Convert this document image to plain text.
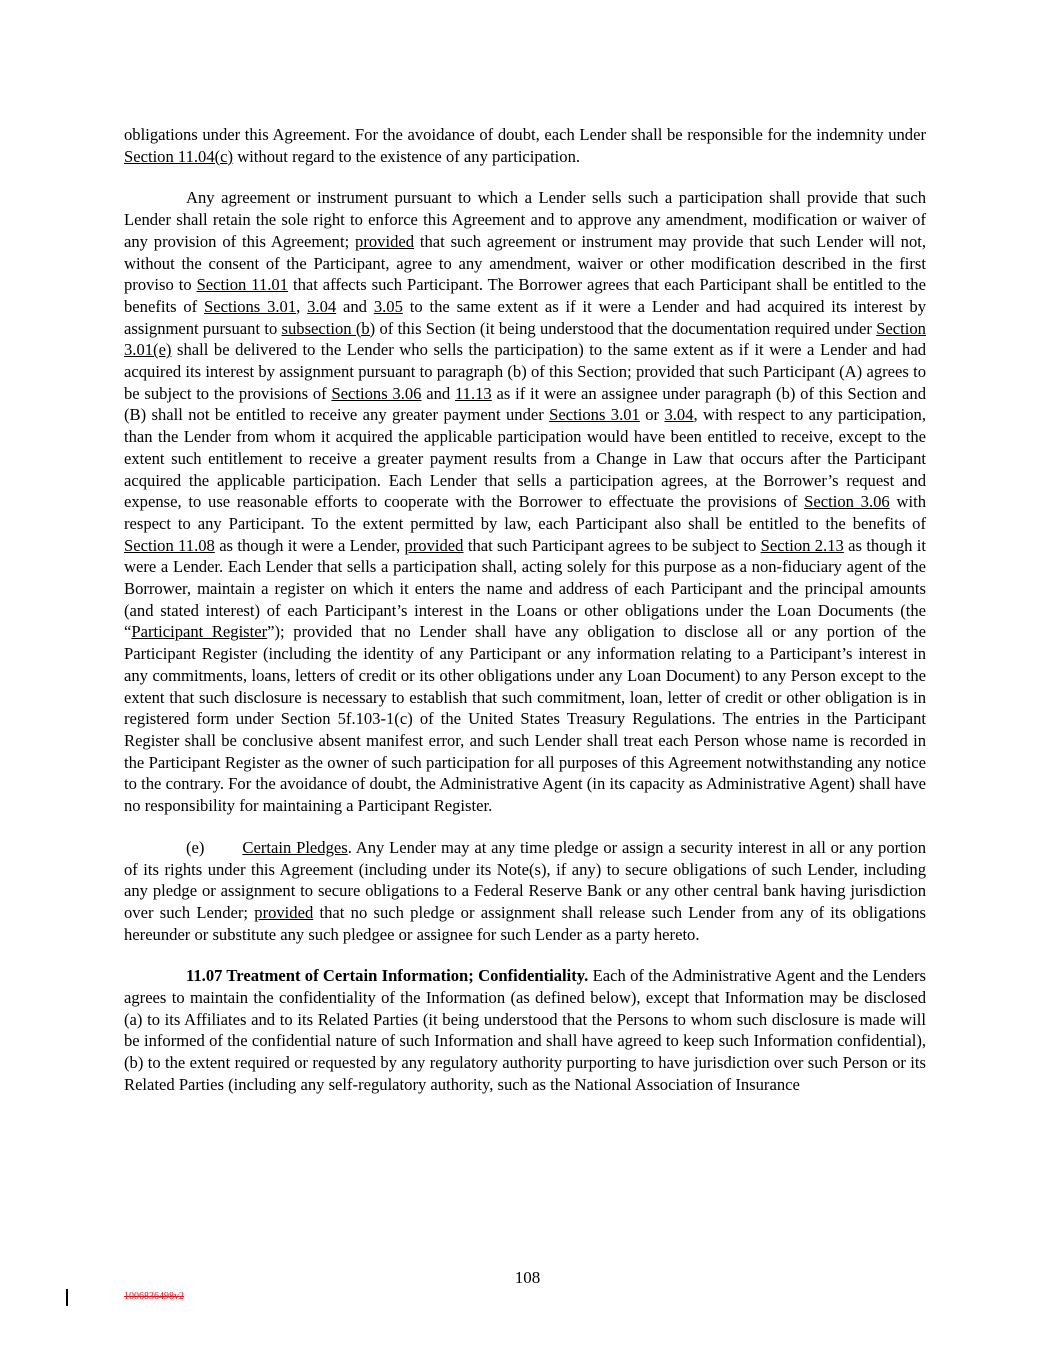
obligations under this Agreement. For the avoidance of doubt, each Lender shall be responsible for the indemnity under Section 11.04(c) without regard to the existence of any participation.

Any agreement or instrument pursuant to which a Lender sells such a participation shall provide that such Lender shall retain the sole right to enforce this Agreement and to approve any amendment, modification or waiver of any provision of this Agreement; provided that such agreement or instrument may provide that such Lender will not, without the consent of the Participant, agree to any amendment, waiver or other modification described in the first proviso to Section 11.01 that affects such Participant. The Borrower agrees that each Participant shall be entitled to the benefits of Sections 3.01, 3.04 and 3.05 to the same extent as if it were a Lender and had acquired its interest by assignment pursuant to subsection (b) of this Section (it being understood that the documentation required under Section 3.01(e) shall be delivered to the Lender who sells the participation) to the same extent as if it were a Lender and had acquired its interest by assignment pursuant to paragraph (b) of this Section; provided that such Participant (A) agrees to be subject to the provisions of Sections 3.06 and 11.13 as if it were an assignee under paragraph (b) of this Section and (B) shall not be entitled to receive any greater payment under Sections 3.01 or 3.04, with respect to any participation, than the Lender from whom it acquired the applicable participation would have been entitled to receive, except to the extent such entitlement to receive a greater payment results from a Change in Law that occurs after the Participant acquired the applicable participation. Each Lender that sells a participation agrees, at the Borrower’s request and expense, to use reasonable efforts to cooperate with the Borrower to effectuate the provisions of Section 3.06 with respect to any Participant. To the extent permitted by law, each Participant also shall be entitled to the benefits of Section 11.08 as though it were a Lender, provided that such Participant agrees to be subject to Section 2.13 as though it were a Lender. Each Lender that sells a participation shall, acting solely for this purpose as a non-fiduciary agent of the Borrower, maintain a register on which it enters the name and address of each Participant and the principal amounts (and stated interest) of each Participant’s interest in the Loans or other obligations under the Loan Documents (the “Participant Register”); provided that no Lender shall have any obligation to disclose all or any portion of the Participant Register (including the identity of any Participant or any information relating to a Participant’s interest in any commitments, loans, letters of credit or its other obligations under any Loan Document) to any Person except to the extent that such disclosure is necessary to establish that such commitment, loan, letter of credit or other obligation is in registered form under Section 5f.103-1(c) of the United States Treasury Regulations. The entries in the Participant Register shall be conclusive absent manifest error, and such Lender shall treat each Person whose name is recorded in the Participant Register as the owner of such participation for all purposes of this Agreement notwithstanding any notice to the contrary. For the avoidance of doubt, the Administrative Agent (in its capacity as Administrative Agent) shall have no responsibility for maintaining a Participant Register.

(e) Certain Pledges. Any Lender may at any time pledge or assign a security interest in all or any portion of its rights under this Agreement (including under its Note(s), if any) to secure obligations of such Lender, including any pledge or assignment to secure obligations to a Federal Reserve Bank or any other central bank having jurisdiction over such Lender; provided that no such pledge or assignment shall release such Lender from any of its obligations hereunder or substitute any such pledgee or assignee for such Lender as a party hereto.

11.07 Treatment of Certain Information; Confidentiality. Each of the Administrative Agent and the Lenders agrees to maintain the confidentiality of the Information (as defined below), except that Information may be disclosed (a) to its Affiliates and to its Related Parties (it being understood that the Persons to whom such disclosure is made will be informed of the confidential nature of such Information and shall have agreed to keep such Information confidential), (b) to the extent required or requested by any regulatory authority purporting to have jurisdiction over such Person or its Related Parties (including any self-regulatory authority, such as the National Association of Insurance

108
1006836498v2
